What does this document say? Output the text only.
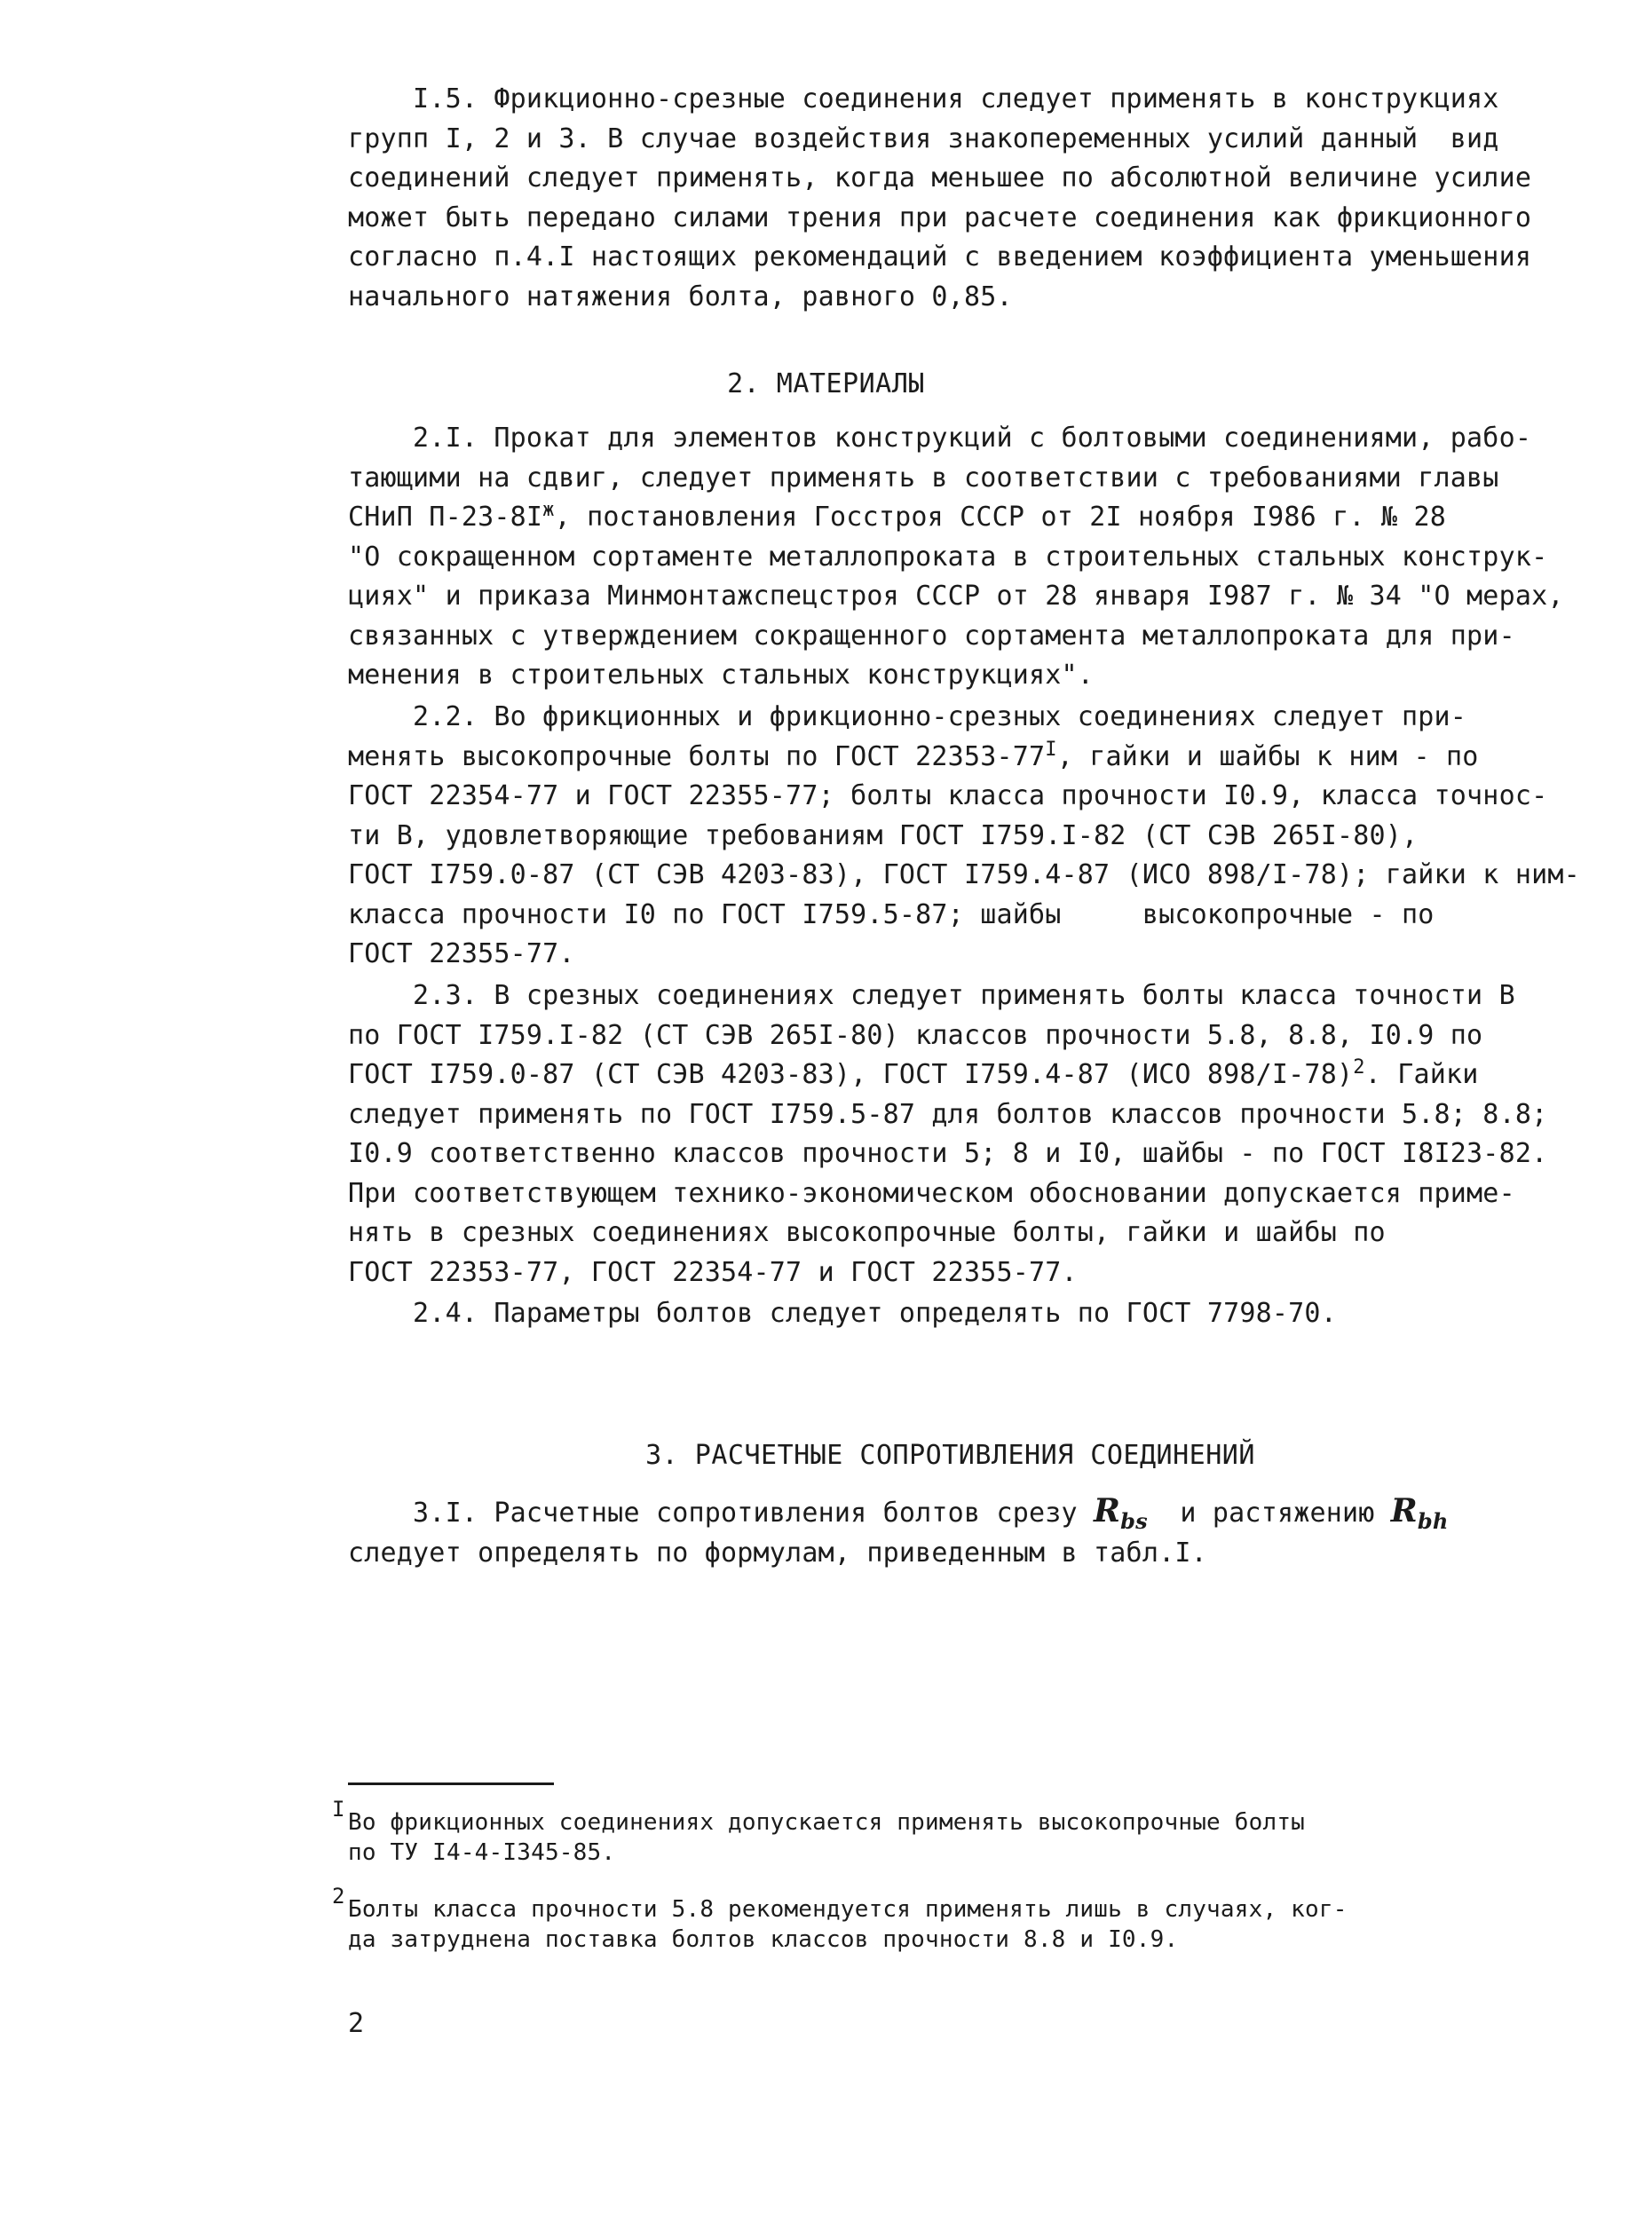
I.5. Фрикционно-срезные соединения следует применять в конструкциях
групп I, 2 и 3. В случае воздействия знакопеременных усилий данный  вид
соединений следует применять, когда меньшее по абсолютной величине усилие
может быть передано силами трения при расчете соединения как фрикционного
согласно п.4.I настоящих рекомендаций с введением коэффициента уменьшения
начального натяжения болта, равного 0,85.
2. МАТЕРИАЛЫ
2.I. Прокат для элементов конструкций с болтовыми соединениями, рабо-
тающими на сдвиг, следует применять в соответствии с требованиями главы
СНиП $П-23-8I^ж$, постановления Госстроя СССР от 2I ноября I986 г. № 28
"О сокращенном сортаменте металлопроката в строительных стальных конструк-
циях" и приказа Минмонтажспецстроя СССР от 28 января I987 г. № 34 "О мерах,
связанных с утверждением сокращенного сортамента металлопроката для при-
менения в строительных стальных конструкциях".
2.2. Во фрикционных и фрикционно-срезных соединениях следует при-
менять высокопрочные болты по ГОСТ $22353-77^I$, гайки и шайбы к ним - по
ГОСТ 22354-77 и ГОСТ 22355-77; болты класса прочности I0.9, класса точнос-
ти В, удовлетворяющие требованиям ГОСТ I759.I-82 (СТ СЭВ 265I-80),
ГОСТ I759.0-87 (СТ СЭВ 4203-83), ГОСТ I759.4-87 (ИСО 898/I-78); гайки к ним-
класса прочности I0 по ГОСТ I759.5-87; шайбы     высокопрочные - по
ГОСТ 22355-77.
2.3. В срезных соединениях следует применять болты класса точности В
по ГОСТ I759.I-82 (СТ СЭВ 265I-80) классов прочности 5.8, 8.8, I0.9 по
ГОСТ I759.0-87 (СТ СЭВ 4203-83), ГОСТ I759.4-87 (ИСО 898/I-78)$^2$. Гайки
следует применять по ГОСТ I759.5-87 для болтов классов прочности 5.8; 8.8;
I0.9 соответственно классов прочности 5; 8 и I0, шайбы - по ГОСТ I8I23-82.
При соответствующем технико-экономическом обосновании допускается приме-
нять в срезных соединениях высокопрочные болты, гайки и шайбы по
ГОСТ 22353-77, ГОСТ 22354-77 и ГОСТ 22355-77.
2.4. Параметры болтов следует определять по ГОСТ 7798-70.
3. РАСЧЕТНЫЕ СОПРОТИВЛЕНИЯ СОЕДИНЕНИЙ
3.I. Расчетные сопротивления болтов срезу $R_{bs}$  и растяжению $R_{bh}$
следует определять по формулам, приведенным в табл.I.
I Во фрикционных соединениях допускается применять высокопрочные болты
по ТУ I4-4-I345-85.
2 Болты класса прочности 5.8 рекомендуется применять лишь в случаях, ког-
да затруднена поставка болтов классов прочности 8.8 и I0.9.
2
